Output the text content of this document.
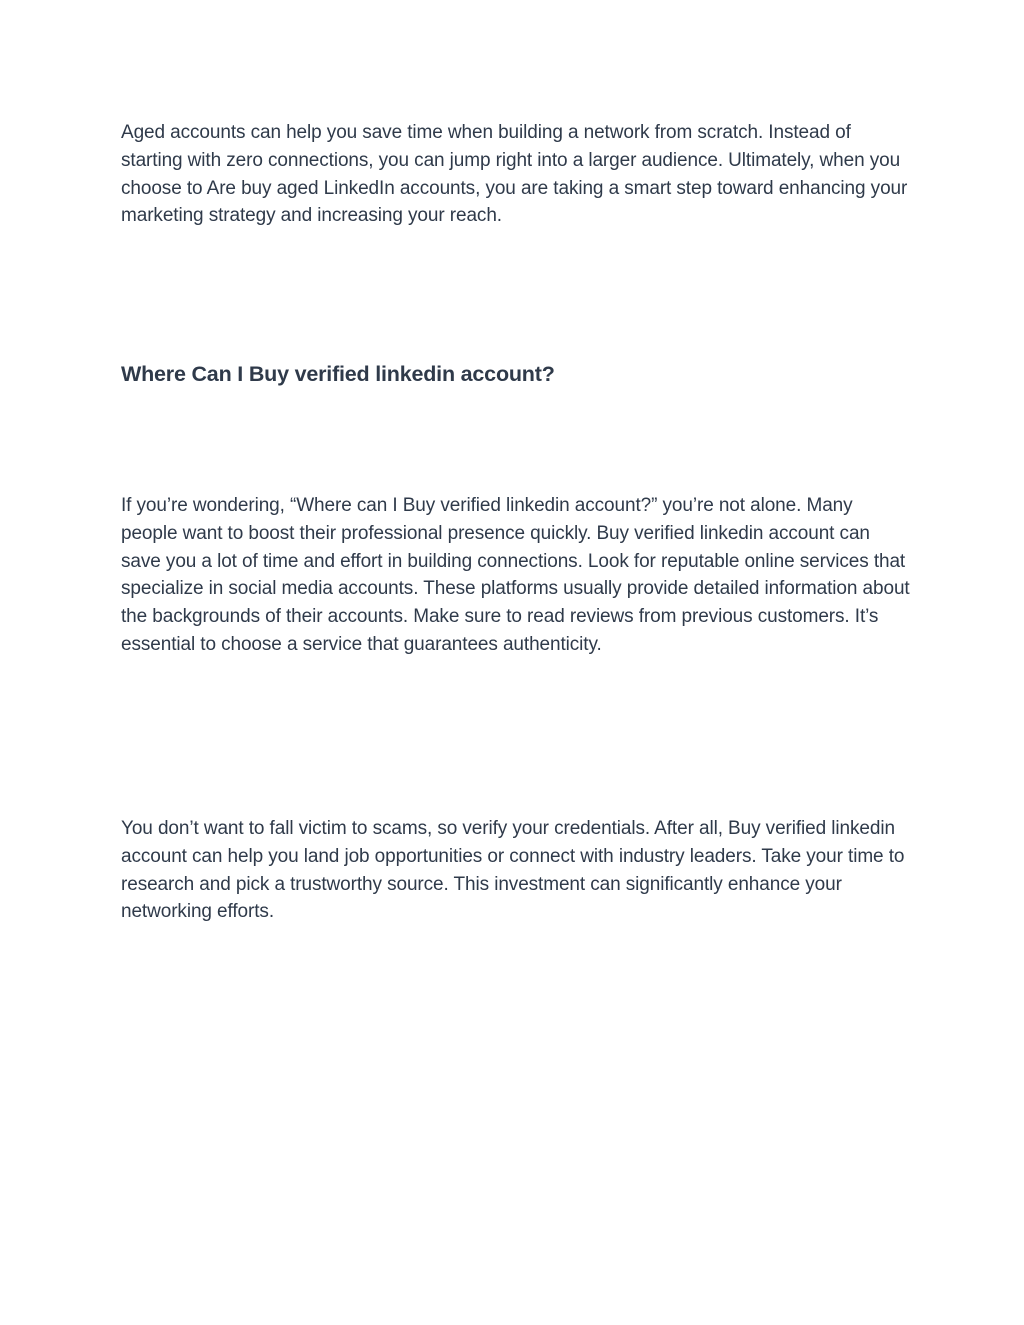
Aged accounts can help you save time when building a network from scratch. Instead of starting with zero connections, you can jump right into a larger audience. Ultimately, when you choose to Are buy aged LinkedIn accounts, you are taking a smart step toward enhancing your marketing strategy and increasing your reach.

Where Can I Buy verified linkedin account?

If you’re wondering, “Where can I Buy verified linkedin account?” you’re not alone. Many people want to boost their professional presence quickly. Buy verified linkedin account can save you a lot of time and effort in building connections. Look for reputable online services that specialize in social media accounts. These platforms usually provide detailed information about the backgrounds of their accounts. Make sure to read reviews from previous customers. It’s essential to choose a service that guarantees authenticity.

You don’t want to fall victim to scams, so verify your credentials. After all, Buy verified linkedin account can help you land job opportunities or connect with industry leaders. Take your time to research and pick a trustworthy source. This investment can significantly enhance your networking efforts.
